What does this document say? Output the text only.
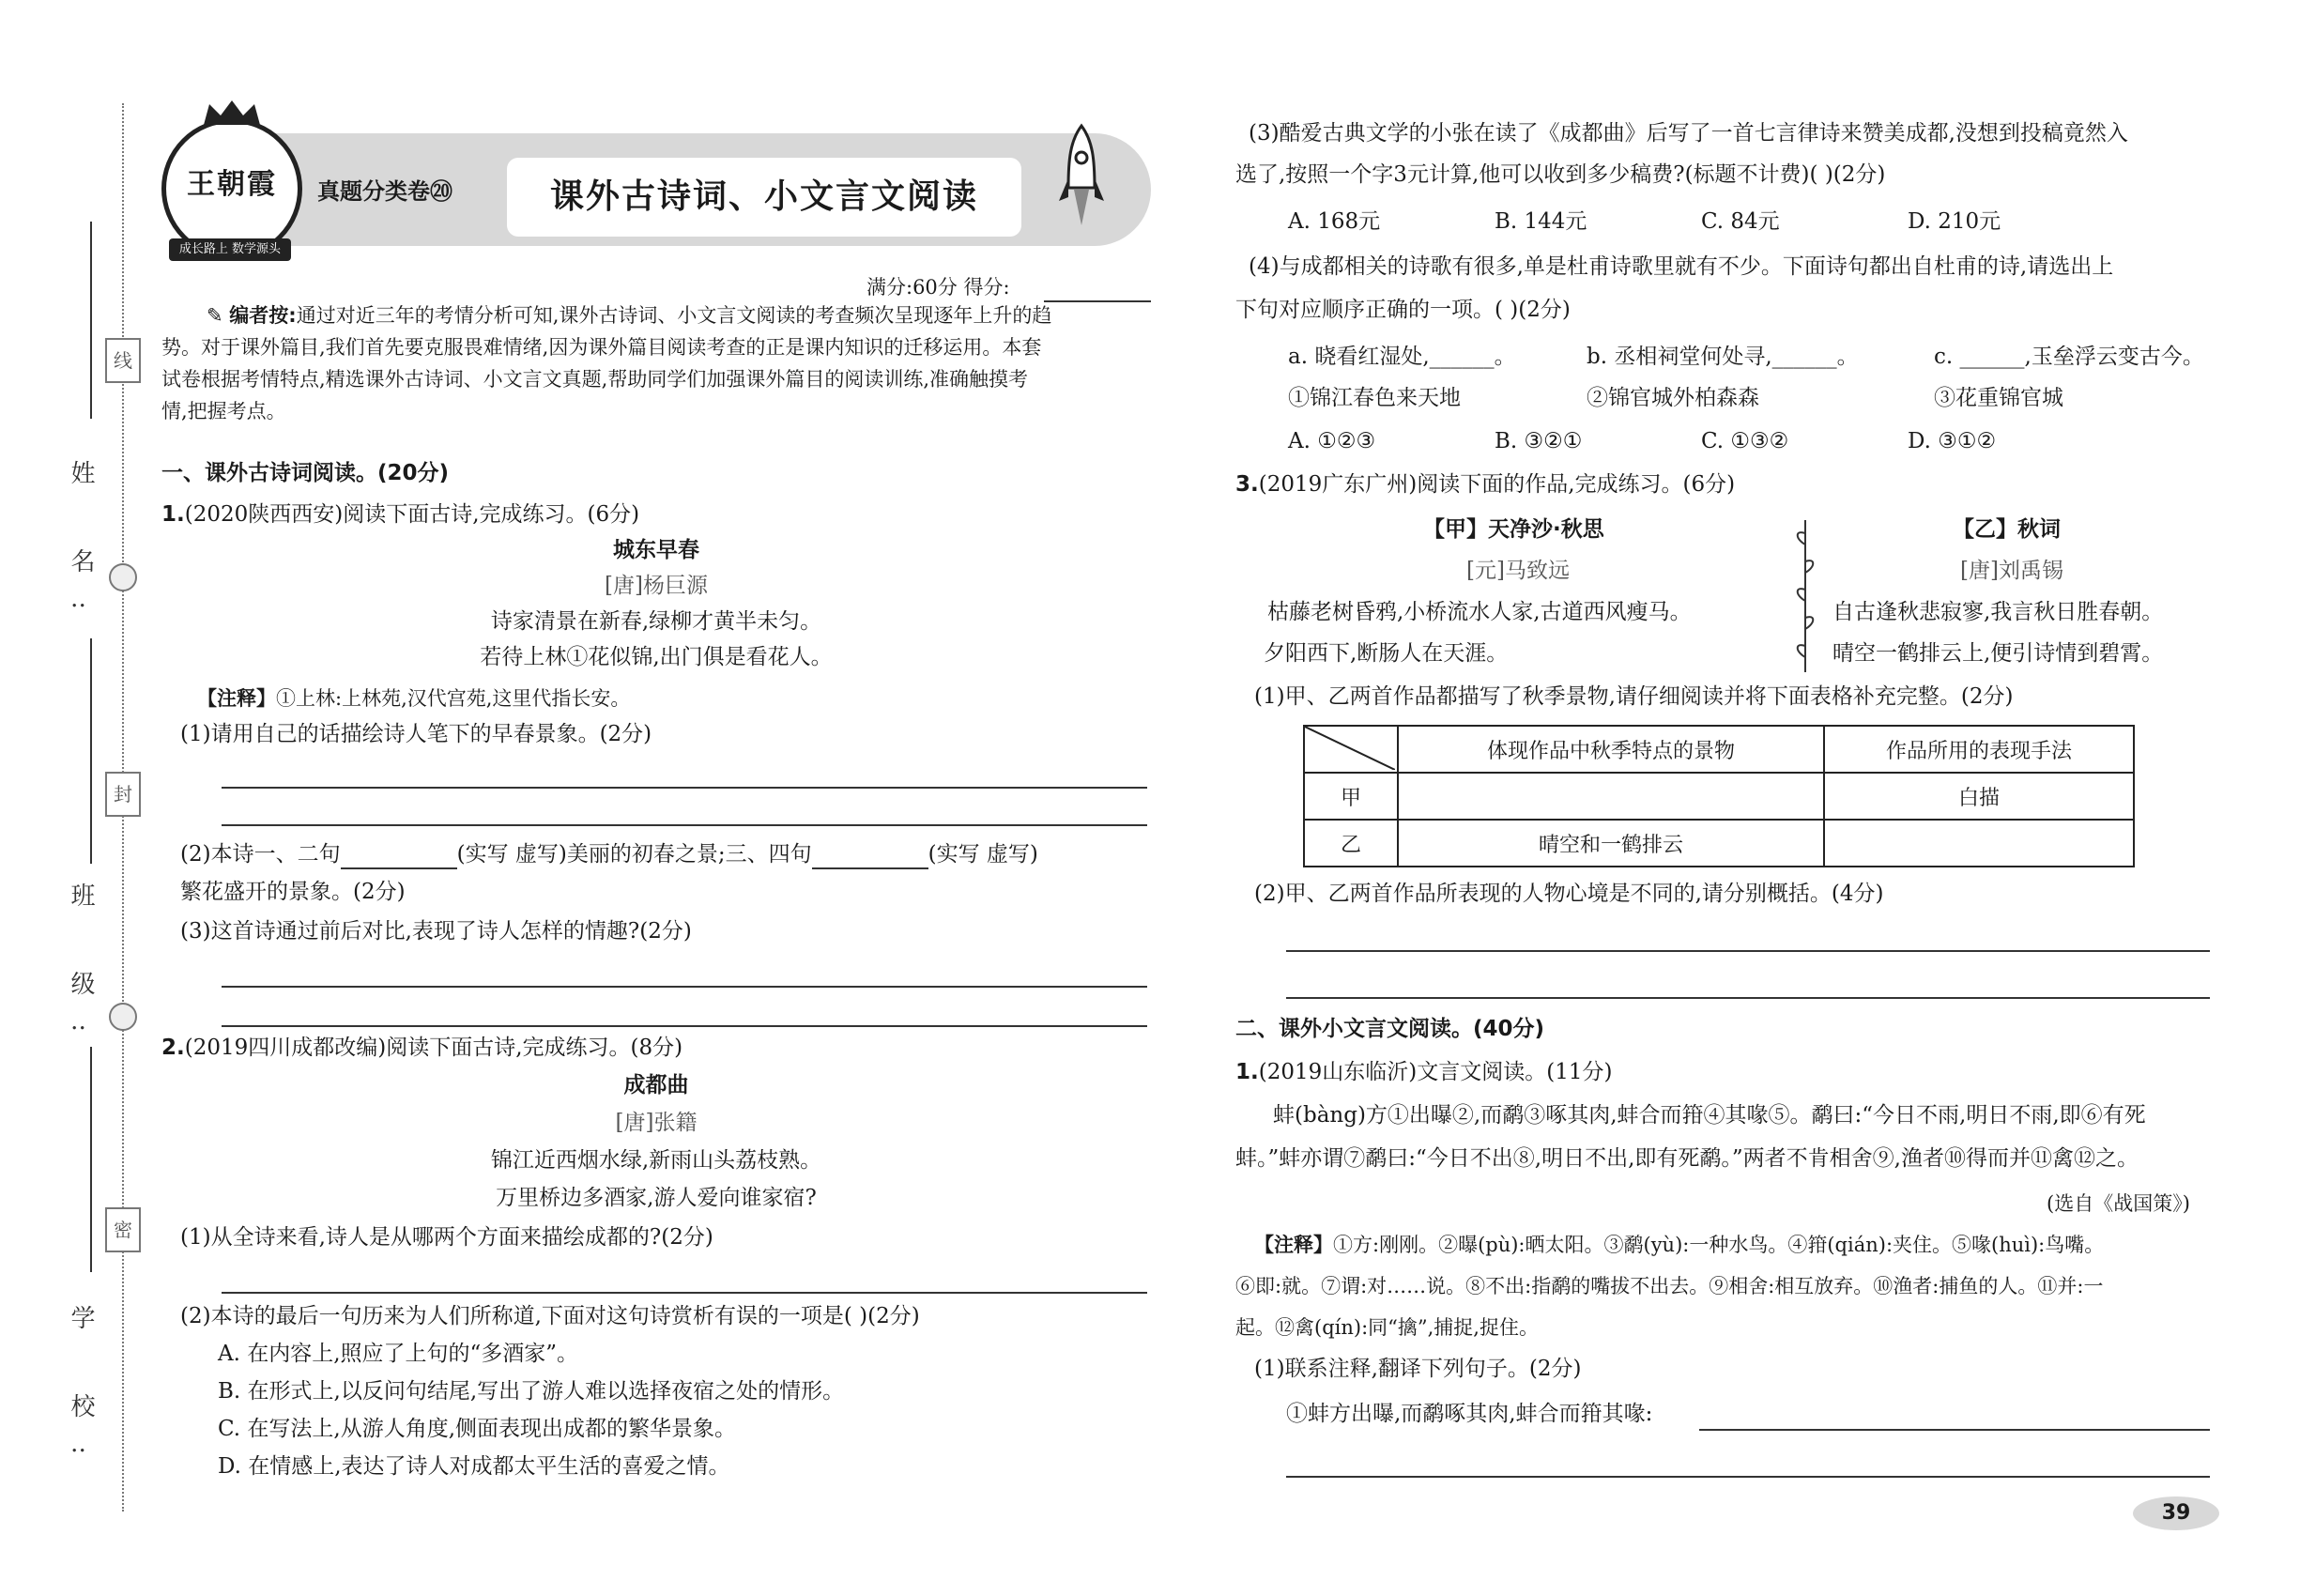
线
封
密
姓 名:
班 级:
学 校:
王朝霞
成长路上 数学源头
真题分类卷⑳	课外古诗词、小文言文阅读
满分:60分 得分:
✎ 编者按:通过对近三年的考情分析可知,课外古诗词、小文言文阅读的考查频次呈现逐年上升的趋
势。对于课外篇目,我们首先要克服畏难情绪,因为课外篇目阅读考查的正是课内知识的迁移运用。本套
试卷根据考情特点,精选课外古诗词、小文言文真题,帮助同学们加强课外篇目的阅读训练,准确触摸考
情,把握考点。
一、课外古诗词阅读。(20分)
1.(2020陕西西安)阅读下面古诗,完成练习。(6分)
城东早春
[唐]杨巨源
诗家清景在新春,绿柳才黄半未匀。
若待上林①花似锦,出门俱是看花人。
【注释】①上林:上林苑,汉代宫苑,这里代指长安。
(1)请用自己的话描绘诗人笔下的早春景象。(2分)
(2)本诗一、二句	(实写 虚写)美丽的初春之景;三、四句	(实写 虚写)
繁花盛开的景象。(2分)
(3)这首诗通过前后对比,表现了诗人怎样的情趣?(2分)
2.(2019四川成都改编)阅读下面古诗,完成练习。(8分)
成都曲
[唐]张籍
锦江近西烟水绿,新雨山头荔枝熟。
万里桥边多酒家,游人爱向谁家宿?
(1)从全诗来看,诗人是从哪两个方面来描绘成都的?(2分)
(2)本诗的最后一句历来为人们所称道,下面对这句诗赏析有误的一项是( )(2分)
A. 在内容上,照应了上句的“多酒家”。
B. 在形式上,以反问句结尾,写出了游人难以选择夜宿之处的情形。
C. 在写法上,从游人角度,侧面表现出成都的繁华景象。
D. 在情感上,表达了诗人对成都太平生活的喜爱之情。
(3)酷爱古典文学的小张在读了《成都曲》后写了一首七言律诗来赞美成都,没想到投稿竟然入
选了,按照一个字3元计算,他可以收到多少稿费?(标题不计费)( )(2分)
A. 168元	B. 144元	C. 84元	D. 210元
(4)与成都相关的诗歌有很多,单是杜甫诗歌里就有不少。下面诗句都出自杜甫的诗,请选出上
下句对应顺序正确的一项。( )(2分)
a. 晓看红湿处,______。	b. 丞相祠堂何处寻,______。	c. ______,玉垒浮云变古今。
①锦江春色来天地	②锦官城外柏森森	③花重锦官城
A. ①②③	B. ③②①	C. ①③②	D. ③①②
3.(2019广东广州)阅读下面的作品,完成练习。(6分)
【甲】天净沙·秋思
[元]马致远
枯藤老树昏鸦,小桥流水人家,古道西风瘦马。
夕阳西下,断肠人在天涯。
【乙】秋词
[唐]刘禹锡
自古逢秋悲寂寥,我言秋日胜春朝。
晴空一鹤排云上,便引诗情到碧霄。
(1)甲、乙两首作品都描写了秋季景物,请仔细阅读并将下面表格补充完整。(2分)
	体现作品中秋季特点的景物	作品所用的表现手法
甲		白描
乙	晴空和一鹤排云	
(2)甲、乙两首作品所表现的人物心境是不同的,请分别概括。(4分)
二、课外小文言文阅读。(40分)
1.(2019山东临沂)文言文阅读。(11分)
蚌(bàng)方①出曝②,而鹬③啄其肉,蚌合而箝④其喙⑤。鹬曰:“今日不雨,明日不雨,即⑥有死
蚌。”蚌亦谓⑦鹬曰:“今日不出⑧,明日不出,即有死鹬。”两者不肯相舍⑨,渔者⑩得而并⑪禽⑫之。
(选自《战国策》)
【注释】①方:刚刚。②曝(pù):晒太阳。③鹬(yù):一种水鸟。④箝(qián):夹住。⑤喙(huì):鸟嘴。
⑥即:就。⑦谓:对……说。⑧不出:指鹬的嘴拔不出去。⑨相舍:相互放弃。⑩渔者:捕鱼的人。⑪并:一
起。⑫禽(qín):同“擒”,捕捉,捉住。
(1)联系注释,翻译下列句子。(2分)
①蚌方出曝,而鹬啄其肉,蚌合而箝其喙:
39
